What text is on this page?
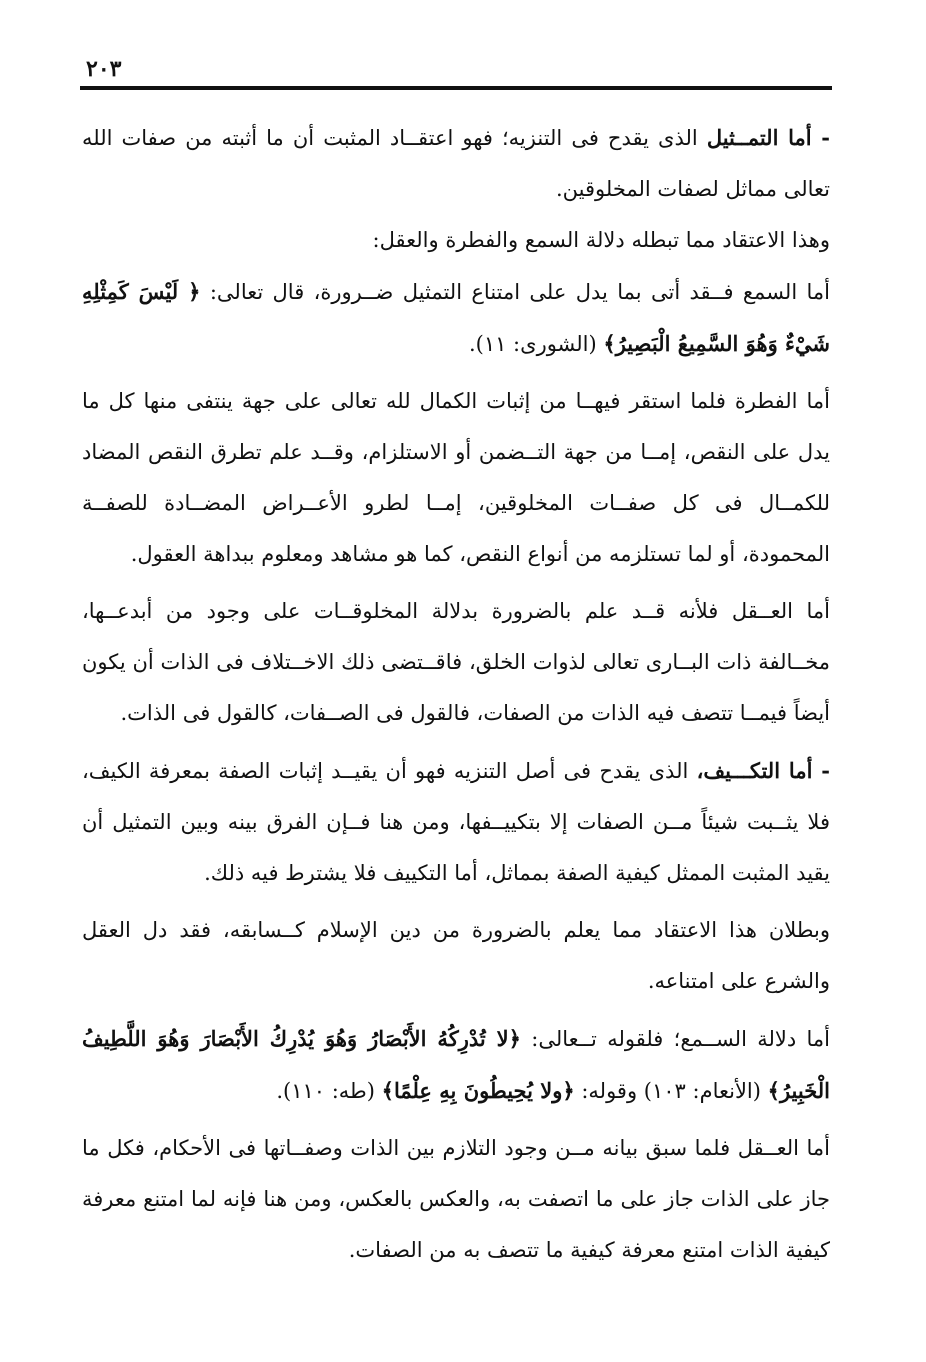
٢٠٣

- أما التمــثيل الذى يقدح فى التنزيه؛ فهو اعتقــاد المثبت أن ما أثبته من صفات الله تعالى مماثل لصفات المخلوقين.

وهذا الاعتقاد مما تبطله دلالة السمع والفطرة والعقل:

أما السمع فــقد أتى بما يدل على امتناع التمثيل ضــرورة، قال تعالى: ﴿ لَيْسَ كَمِثْلِهِ شَيْءٌ وَهُوَ السَّمِيعُ الْبَصِيرُ﴾ (الشورى: ١١).

أما الفطرة فلما استقر فيهــا من إثبات الكمال لله تعالى على جهة ينتفى منها كل ما يدل على النقص، إمــا من جهة التــضمن أو الاستلزام، وقــد علم تطرق النقص المضاد للكمــال فى كل صفــات المخلوقين، إمــا لطرو الأعــراض المضــادة للصفــة المحمودة، أو لما تستلزمه من أنواع النقص، كما هو مشاهد ومعلوم ببداهة العقول.

أما العــقل فلأنه قــد علم بالضرورة بدلالة المخلوقــات على وجود من أبدعــها، مخــالفة ذات البــارى تعالى لذوات الخلق، فاقــتضى ذلك الاخــتلاف فى الذات أن يكون أيضاً فيمــا تتصف فيه الذات من الصفات، فالقول فى الصــفات، كالقول فى الذات.

- أما التكـــيف، الذى يقدح فى أصل التنزيه فهو أن يقيــد إثبات الصفة بمعرفة الكيف، فلا يثــبت شيئاً مــن الصفات إلا بتكييــفها، ومن هنا فــإن الفرق بينه وبين التمثيل أن يقيد المثبت الممثل كيفية الصفة بمماثل، أما التكييف فلا يشترط فيه ذلك.

وبطلان هذا الاعتقاد مما يعلم بالضرورة من دين الإسلام كــسابقه، فقد دل العقل والشرع على امتناعه.

أما دلالة الســمع؛ فلقوله تــعالى: ﴿لا تُدْرِكُهُ الأَبْصَارُ وَهُوَ يُدْرِكُ الأَبْصَارَ وَهُوَ اللَّطِيفُ الْخَبِيرُ﴾ (الأنعام: ١٠٣) وقوله: ﴿ولا يُحِيطُونَ بِهِ عِلْمًا﴾ (طه: ١١٠).

أما العــقل فلما سبق بيانه مــن وجود التلازم بين الذات وصفــاتها فى الأحكام، فكل ما جاز على الذات جاز على ما اتصفت به، والعكس بالعكس، ومن هنا فإنه لما امتنع معرفة كيفية الذات امتنع معرفة كيفية ما تتصف به من الصفات.
